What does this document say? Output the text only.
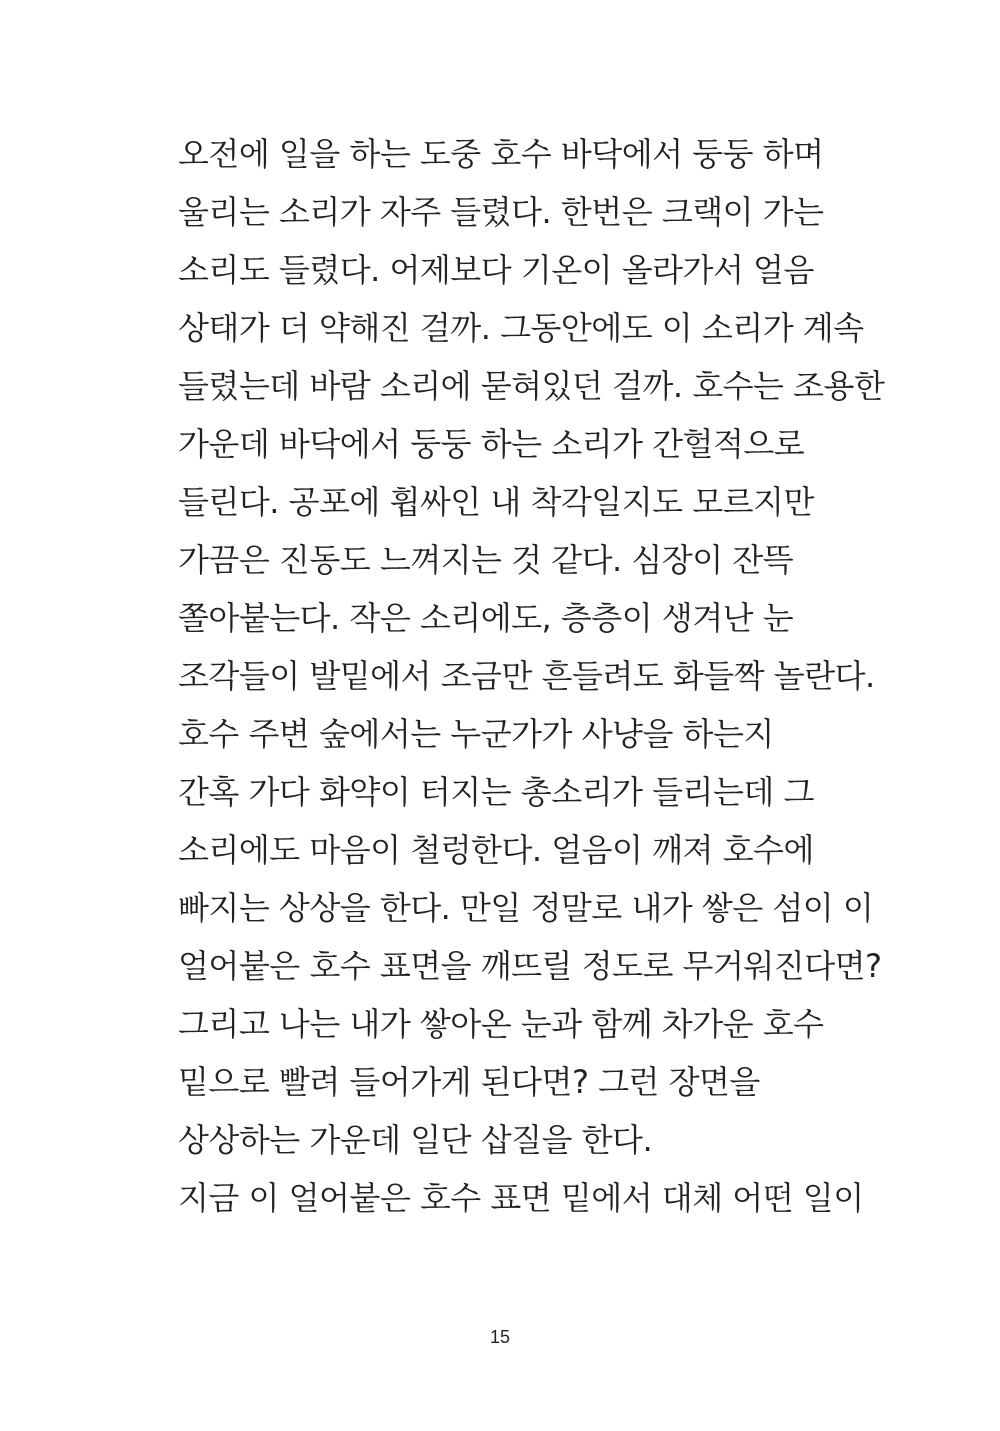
오전에 일을 하는 도중 호수 바닥에서 둥둥 하며
울리는 소리가 자주 들렸다. 한번은 크랙이 가는
소리도 들렸다. 어제보다 기온이 올라가서 얼음
상태가 더 약해진 걸까. 그동안에도 이 소리가 계속
들렸는데 바람 소리에 묻혀있던 걸까. 호수는 조용한
가운데 바닥에서 둥둥 하는 소리가 간헐적으로
들린다. 공포에 휩싸인 내 착각일지도 모르지만
가끔은 진동도 느껴지는 것 같다. 심장이 잔뜩
쫄아붙는다. 작은 소리에도, 층층이 생겨난 눈
조각들이 발밑에서 조금만 흔들려도 화들짝 놀란다.
호수 주변 숲에서는 누군가가 사냥을 하는지
간혹 가다 화약이 터지는 총소리가 들리는데 그
소리에도 마음이 철렁한다. 얼음이 깨져 호수에
빠지는 상상을 한다. 만일 정말로 내가 쌓은 섬이 이
얼어붙은 호수 표면을 깨뜨릴 정도로 무거워진다면?
그리고 나는 내가 쌓아온 눈과 함께 차가운 호수
밑으로 빨려 들어가게 된다면? 그런 장면을
상상하는 가운데 일단 삽질을 한다.
지금 이 얼어붙은 호수 표면 밑에서 대체 어떤 일이
15
